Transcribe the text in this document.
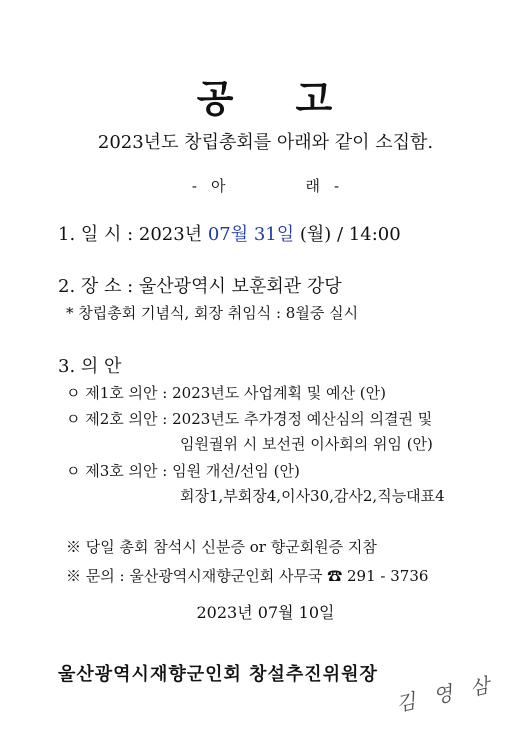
공 고
2023년도 창립총회를 아래와 같이 소집함.
- 아	래 -
1. 일 시 : 2023년 07월 31일 (월) / 14:00
2. 장 소 : 울산광역시 보훈회관 강당
* 창립총회 기념식, 회장 취임식 : 8월중 실시
3. 의 안
ㅇ 제1호 의안 : 2023년도 사업계획 및 예산 (안)
ㅇ 제2호 의안 : 2023년도 추가경정 예산심의 의결권 및
임원궐위 시 보선권 이사회의 위임 (안)
ㅇ 제3호 의안 : 임원 개선/선임 (안)
회장1,부회장4,이사30,감사2,직능대표4
※ 당일 총회 참석시 신분증 or 향군회원증 지참
※ 문의 : 울산광역시재향군인회 사무국 ☎ 291 - 3736
2023년 07월 10일
울산광역시재향군인회 창설추진위원장 김 영 삼
